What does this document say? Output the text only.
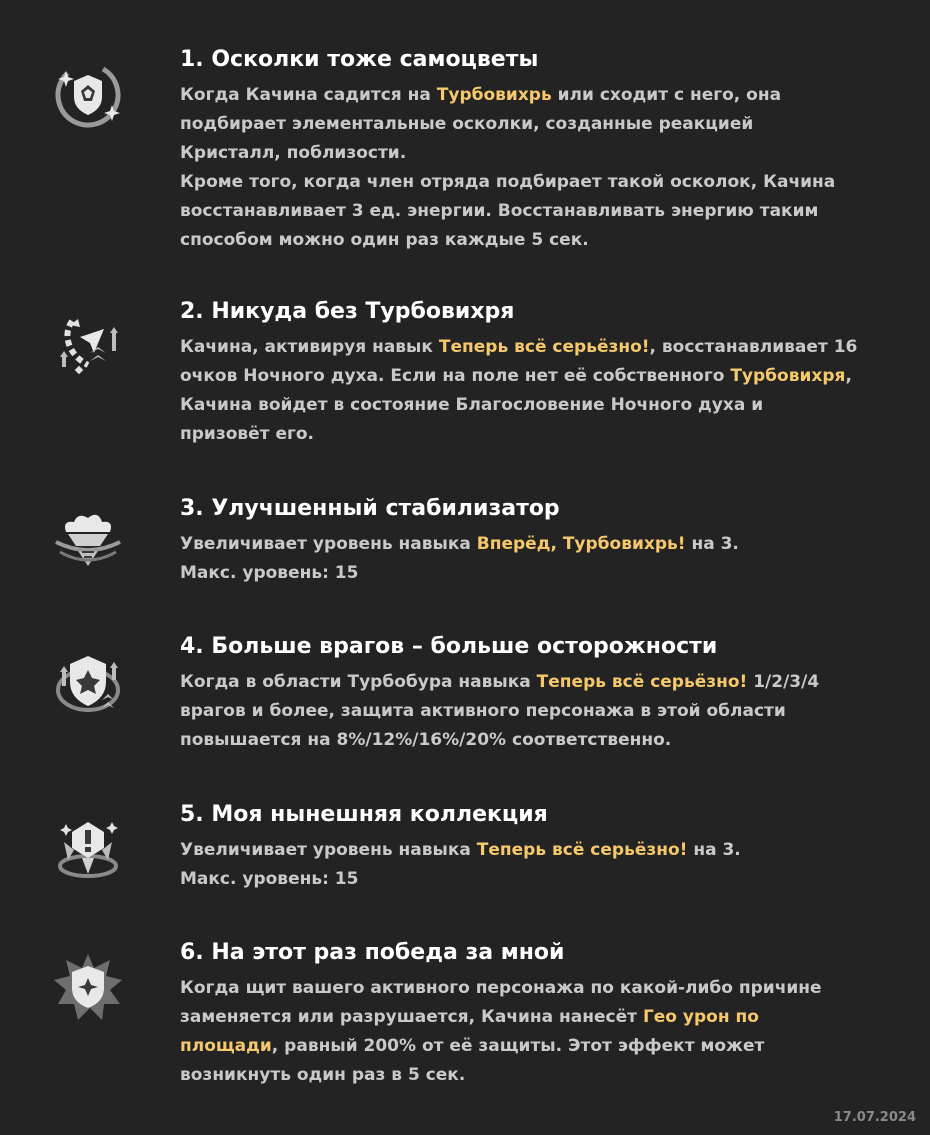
1. Осколки тоже самоцветы
Когда Качина садится на Турбовихрь или сходит с него, она
подбирает элементальные осколки, созданные реакцией
Кристалл, поблизости.
Кроме того, когда член отряда подбирает такой осколок, Качина
восстанавливает 3 ед. энергии. Восстанавливать энергию таким
способом можно один раз каждые 5 сек.
2. Никуда без Турбовихря
Качина, активируя навык Теперь всё серьёзно!, восстанавливает 16
очков Ночного духа. Если на поле нет её собственного Турбовихря,
Качина войдет в состояние Благословение Ночного духа и
призовёт его.
3. Улучшенный стабилизатор
Увеличивает уровень навыка Вперёд, Турбовихрь! на 3.
Макс. уровень: 15
4. Больше врагов – больше осторожности
Когда в области Турбобура навыка Теперь всё серьёзно! 1/2/3/4
врагов и более, защита активного персонажа в этой области
повышается на 8%/12%/16%/20% соответственно.
5. Моя нынешняя коллекция
Увеличивает уровень навыка Теперь всё серьёзно! на 3.
Макс. уровень: 15
6. На этот раз победа за мной
Когда щит вашего активного персонажа по какой-либо причине
заменяется или разрушается, Качина нанесёт Гео урон по
площади, равный 200% от её защиты. Этот эффект может
возникнуть один раз в 5 сек.
17.07.2024
